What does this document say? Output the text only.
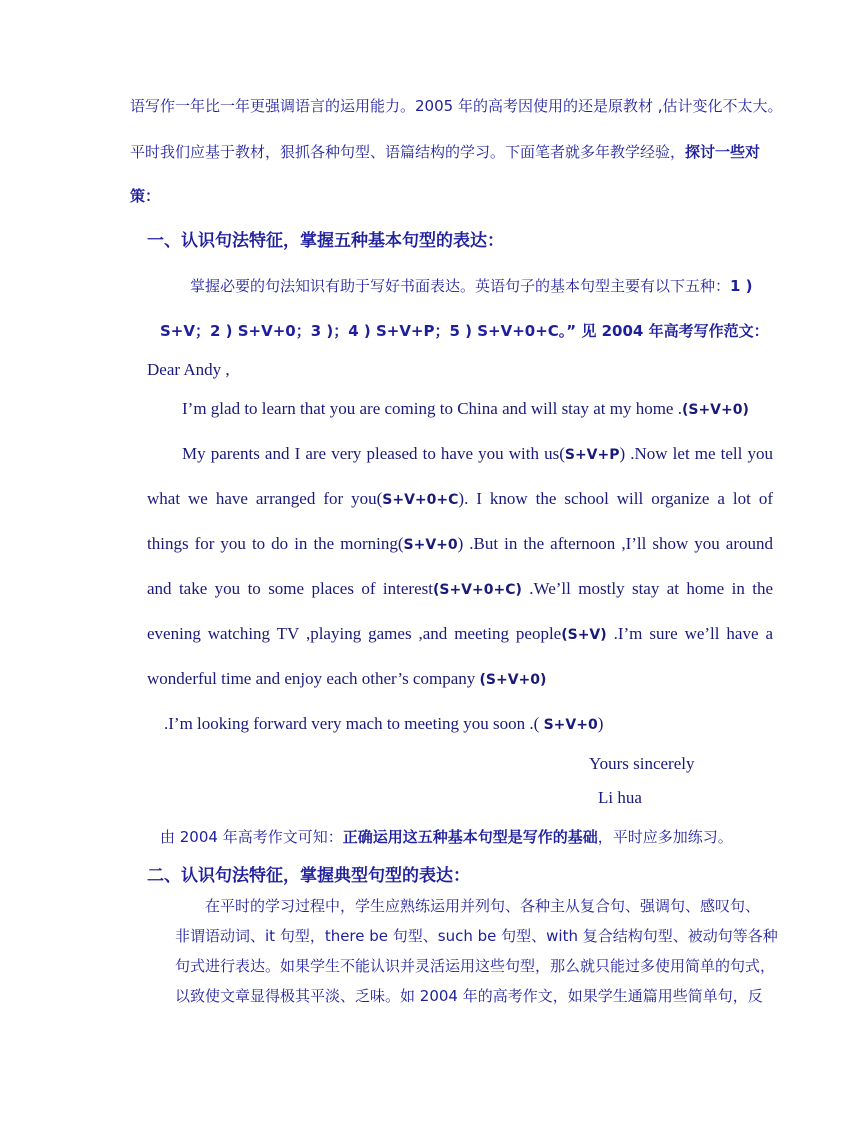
语写作一年比一年更强调语言的运用能力。2005 年的高考因使用的还是原教材 ,估计变化不太大。
平时我们应基于教材，狠抓各种句型、语篇结构的学习。下面笔者就多年教学经验，探讨一些对
策：
一、认识句法特征，掌握五种基本句型的表达：
掌握必要的句法知识有助于写好书面表达。英语句子的基本句型主要有以下五种：1 )
S+V；2 ) S+V+0；3 )；4 ) S+V+P；5 ) S+V+0+C。” 见 2004 年高考写作范文：
Dear Andy ,
I’m glad to learn that you are coming to China and will stay at my home .(S+V+0)
My parents and I are very pleased to have you with us(S+V+P) .Now let me tell you
what we have arranged for you(S+V+0+C). I know the school will organize a lot of
things for you to do in the morning(S+V+0) .But in the afternoon ,I’ll show you around
and take you to some places of interest(S+V+0+C) .We’ll mostly stay at home in the
evening watching TV ,playing games ,and meeting people(S+V) .I’m sure we’ll have a
wonderful time and enjoy each other’s company (S+V+0)
.I’m looking forward very mach to meeting you soon .( S+V+0)
Yours sincerely
Li hua
由 2004 年高考作文可知：正确运用这五种基本句型是写作的基础，平时应多加练习。
二、认识句法特征，掌握典型句型的表达：
在平时的学习过程中，学生应熟练运用并列句、各种主从复合句、强调句、感叹句、
非谓语动词、it 句型，there be 句型、such be 句型、with 复合结构句型、被动句等各种
句式进行表达。如果学生不能认识并灵活运用这些句型，那么就只能过多使用简单的句式，
以致使文章显得极其平淡、乏味。如 2004 年的高考作文，如果学生通篇用些简单句，反
